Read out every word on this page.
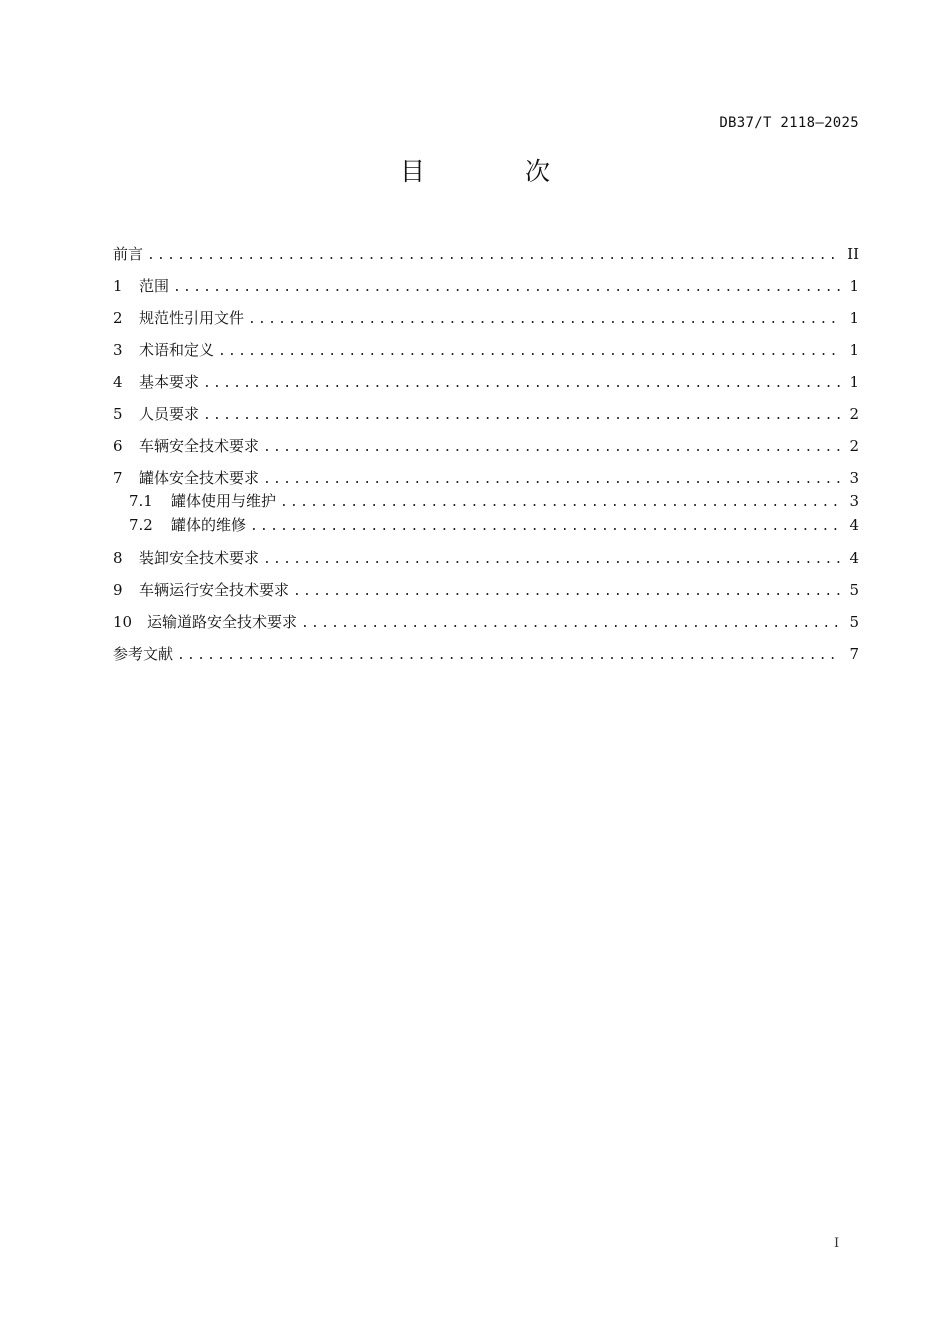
DB37/T 2118—2025
目 次
前言 .....	II
1	范围 .....	1
2	规范性引用文件 .....	1
3	术语和定义 .....	1
4	基本要求 .....	1
5	人员要求 .....	2
6	车辆安全技术要求 .....	2
7	罐体安全技术要求 .....	3
7.1	罐体使用与维护 .....	3
7.2	罐体的维修 .....	4
8	装卸安全技术要求 .....	4
9	车辆运行安全技术要求 .....	5
10 运输道路安全技术要求 .....	5
参考文献 .....	7
I
